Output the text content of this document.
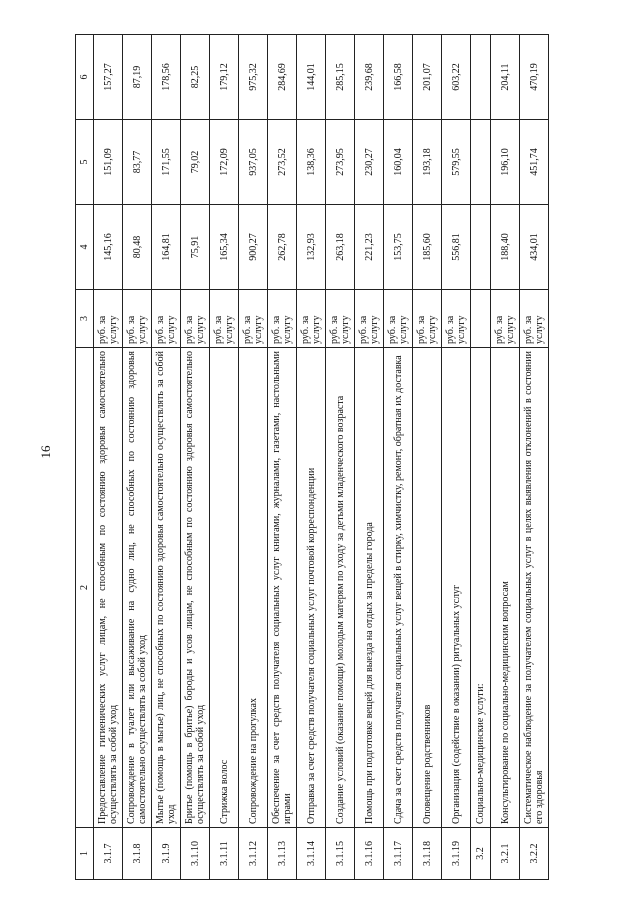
16
1	2	3	4	5	6
3.1.7	Предоставление гигиенических услуг лицам, не способным по состоянию здоровья самостоятельно осуществлять за собой уход	руб. за услугу	145,16	151,09	157,27
3.1.8	Сопровождение в туалет или высаживание на судно лиц, не способных по состоянию здоровья самостоятельно осуществлять за собой уход	руб. за услугу	80,48	83,77	87,19
3.1.9	Мытье (помощь в мытье) лиц, не способных по состоянию здоровья самостоятельно осуществлять за собой уход	руб. за услугу	164,81	171,55	178,56
3.1.10	Бритье (помощь в бритье) бороды и усов лицам, не способным по состоянию здоровья самостоятельно осуществлять за собой уход	руб. за услугу	75,91	79,02	82,25
3.1.11	Стрижка волос	руб. за услугу	165,34	172,09	179,12
3.1.12	Сопровождение на прогулках	руб. за услугу	900,27	937,05	975,32
3.1.13	Обеспечение за счет средств получателя социальных услуг книгами, журналами, газетами, настольными играми	руб. за услугу	262,78	273,52	284,69
3.1.14	Отправка за счет средств получателя социальных услуг почтовой корреспонденции	руб. за услугу	132,93	138,36	144,01
3.1.15	Создание условий (оказание помощи) молодым матерям по уходу за детьми младенческого возраста	руб. за услугу	263,18	273,95	285,15
3.1.16	Помощь при подготовке вещей для выезда на отдых за пределы города	руб. за услугу	221,23	230,27	239,68
3.1.17	Сдача за счет средств получателя социальных услуг вещей в стирку, химчистку, ремонт, обратная их доставка	руб. за услугу	153,75	160,04	166,58
3.1.18	Оповещение родственников	руб. за услугу	185,60	193,18	201,07
3.1.19	Организация (содействие в оказании) ритуальных услуг	руб. за услугу	556,81	579,55	603,22
3.2	Социально-медицинские услуги:				
3.2.1	Консультирование по социально-медицинским вопросам	руб. за услугу	188,40	196,10	204,11
3.2.2	Систематическое наблюдение за получателем социальных услуг в целях выявления отклонений в состоянии его здоровья	руб. за услугу	434,01	451,74	470,19
